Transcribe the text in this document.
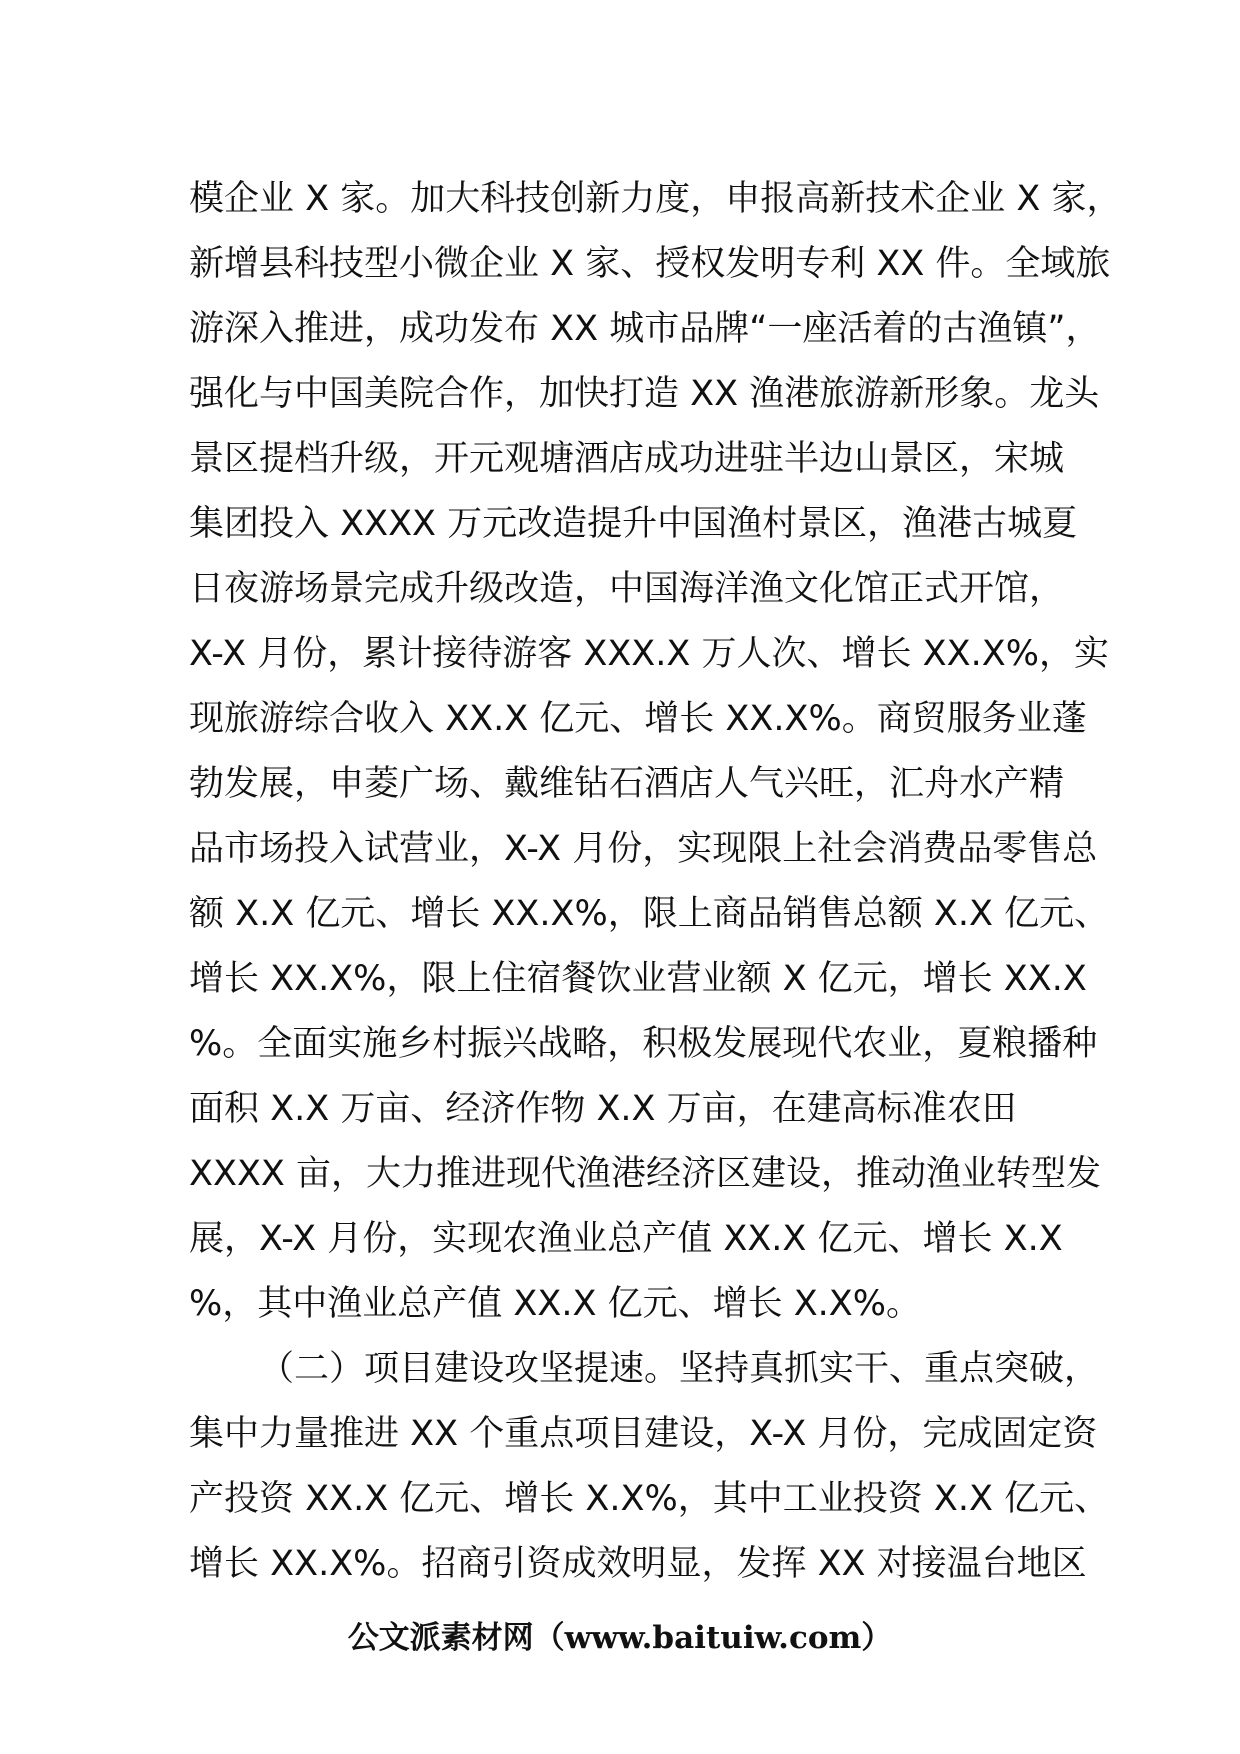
模企业 X 家。加大科技创新力度，申报高新技术企业 X 家，
新增县科技型小微企业 X 家、授权发明专利 XX 件。全域旅
游深入推进，成功发布 XX 城市品牌“一座活着的古渔镇”，
强化与中国美院合作，加快打造 XX 渔港旅游新形象。龙头
景区提档升级，开元观塘酒店成功进驻半边山景区，宋城
集团投入 XXXX 万元改造提升中国渔村景区，渔港古城夏
日夜游场景完成升级改造，中国海洋渔文化馆正式开馆，
X-X 月份，累计接待游客 XXX.X 万人次、增长 XX.X%，实
现旅游综合收入 XX.X 亿元、增长 XX.X%。商贸服务业蓬
勃发展，申菱广场、戴维钻石酒店人气兴旺，汇舟水产精
品市场投入试营业，X-X 月份，实现限上社会消费品零售总
额 X.X 亿元、增长 XX.X%，限上商品销售总额 X.X 亿元、
增长 XX.X%，限上住宿餐饮业营业额 X 亿元，增长 XX.X
%。全面实施乡村振兴战略，积极发展现代农业，夏粮播种
面积 X.X 万亩、经济作物 X.X 万亩，在建高标准农田
XXXX 亩，大力推进现代渔港经济区建设，推动渔业转型发
展，X-X 月份，实现农渔业总产值 XX.X 亿元、增长 X.X
%，其中渔业总产值 XX.X 亿元、增长 X.X%。
（二）项目建设攻坚提速。坚持真抓实干、重点突破，
集中力量推进 XX 个重点项目建设，X-X 月份，完成固定资
产投资 XX.X 亿元、增长 X.X%，其中工业投资 X.X 亿元、
增长 XX.X%。招商引资成效明显，发挥 XX 对接温台地区
公文派素材网（www.baituiw.com）
